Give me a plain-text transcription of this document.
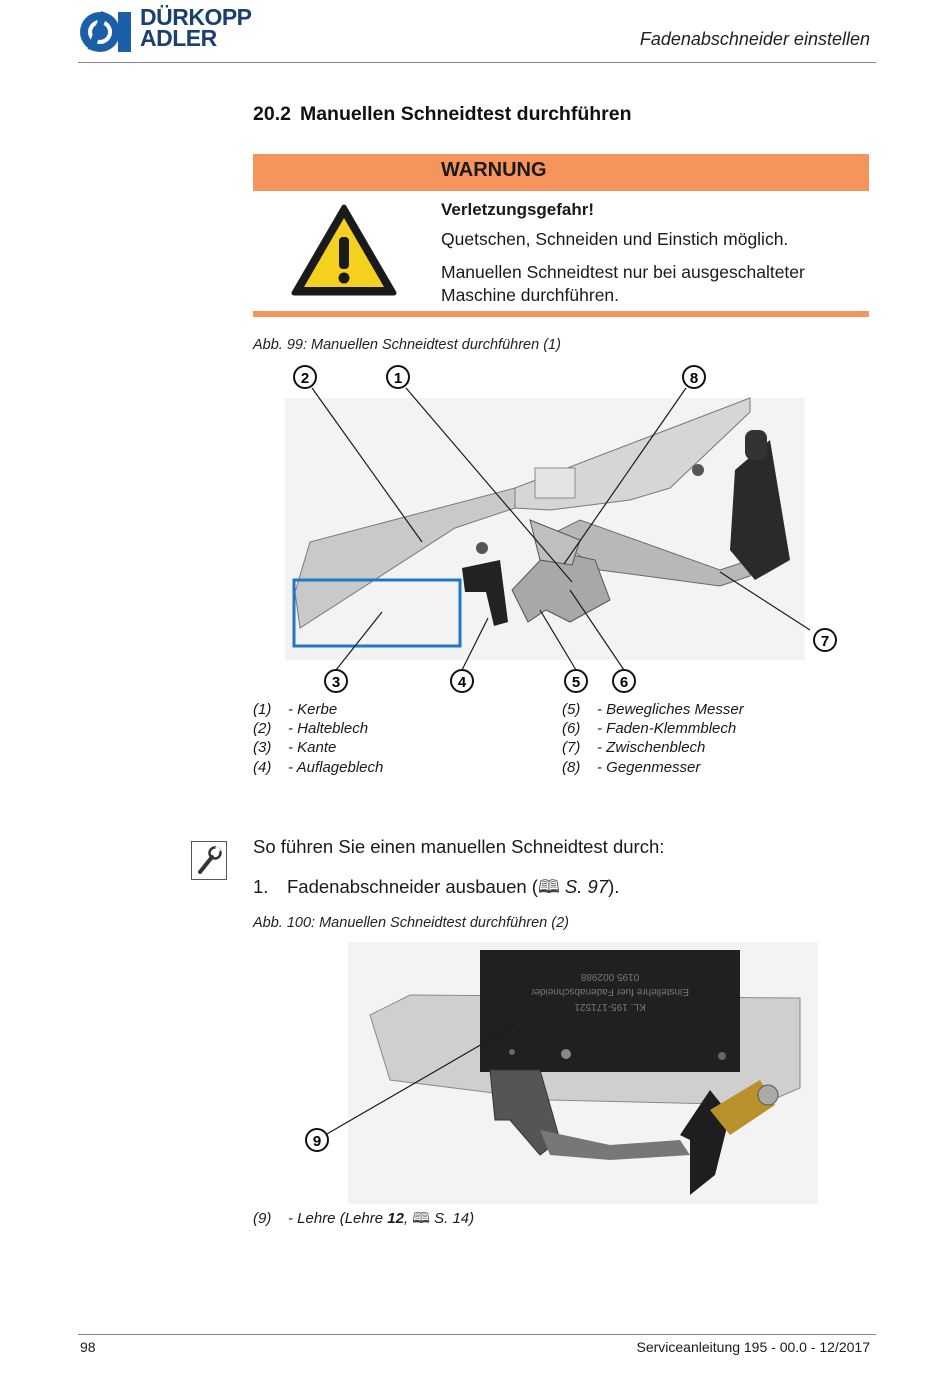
DÜRKOPP
ADLER	Fadenabschneider einstellen
20.2 Manuellen Schneidtest durchführen
WARNUNG
Verletzungsgefahr!
Quetschen, Schneiden und Einstich möglich.
Manuellen Schneidtest nur bei ausgeschalteter Maschine durchführen.
Abb. 99: Manuellen Schneidtest durchführen (1)
2	1	8
7
3	4	5	6
(1)	- Kerbe
(2)	- Halteblech
(3)	- Kante
(4)	- Auflageblech
(5)	- Bewegliches Messer
(6)	- Faden-Klemmblech
(7)	- Zwischenblech
(8)	- Gegenmesser
So führen Sie einen manuellen Schneidtest durch:
1. Fadenabschneider ausbauen (🕮 S. 97).
Abb. 100: Manuellen Schneidtest durchführen (2)
0195 002988
Einstellehre fuer Fadenabschneider
KL. 195-171521
9
(9)	- Lehre (Lehre 12, 🕮 S. 14)
98	Serviceanleitung 195 - 00.0 - 12/2017
